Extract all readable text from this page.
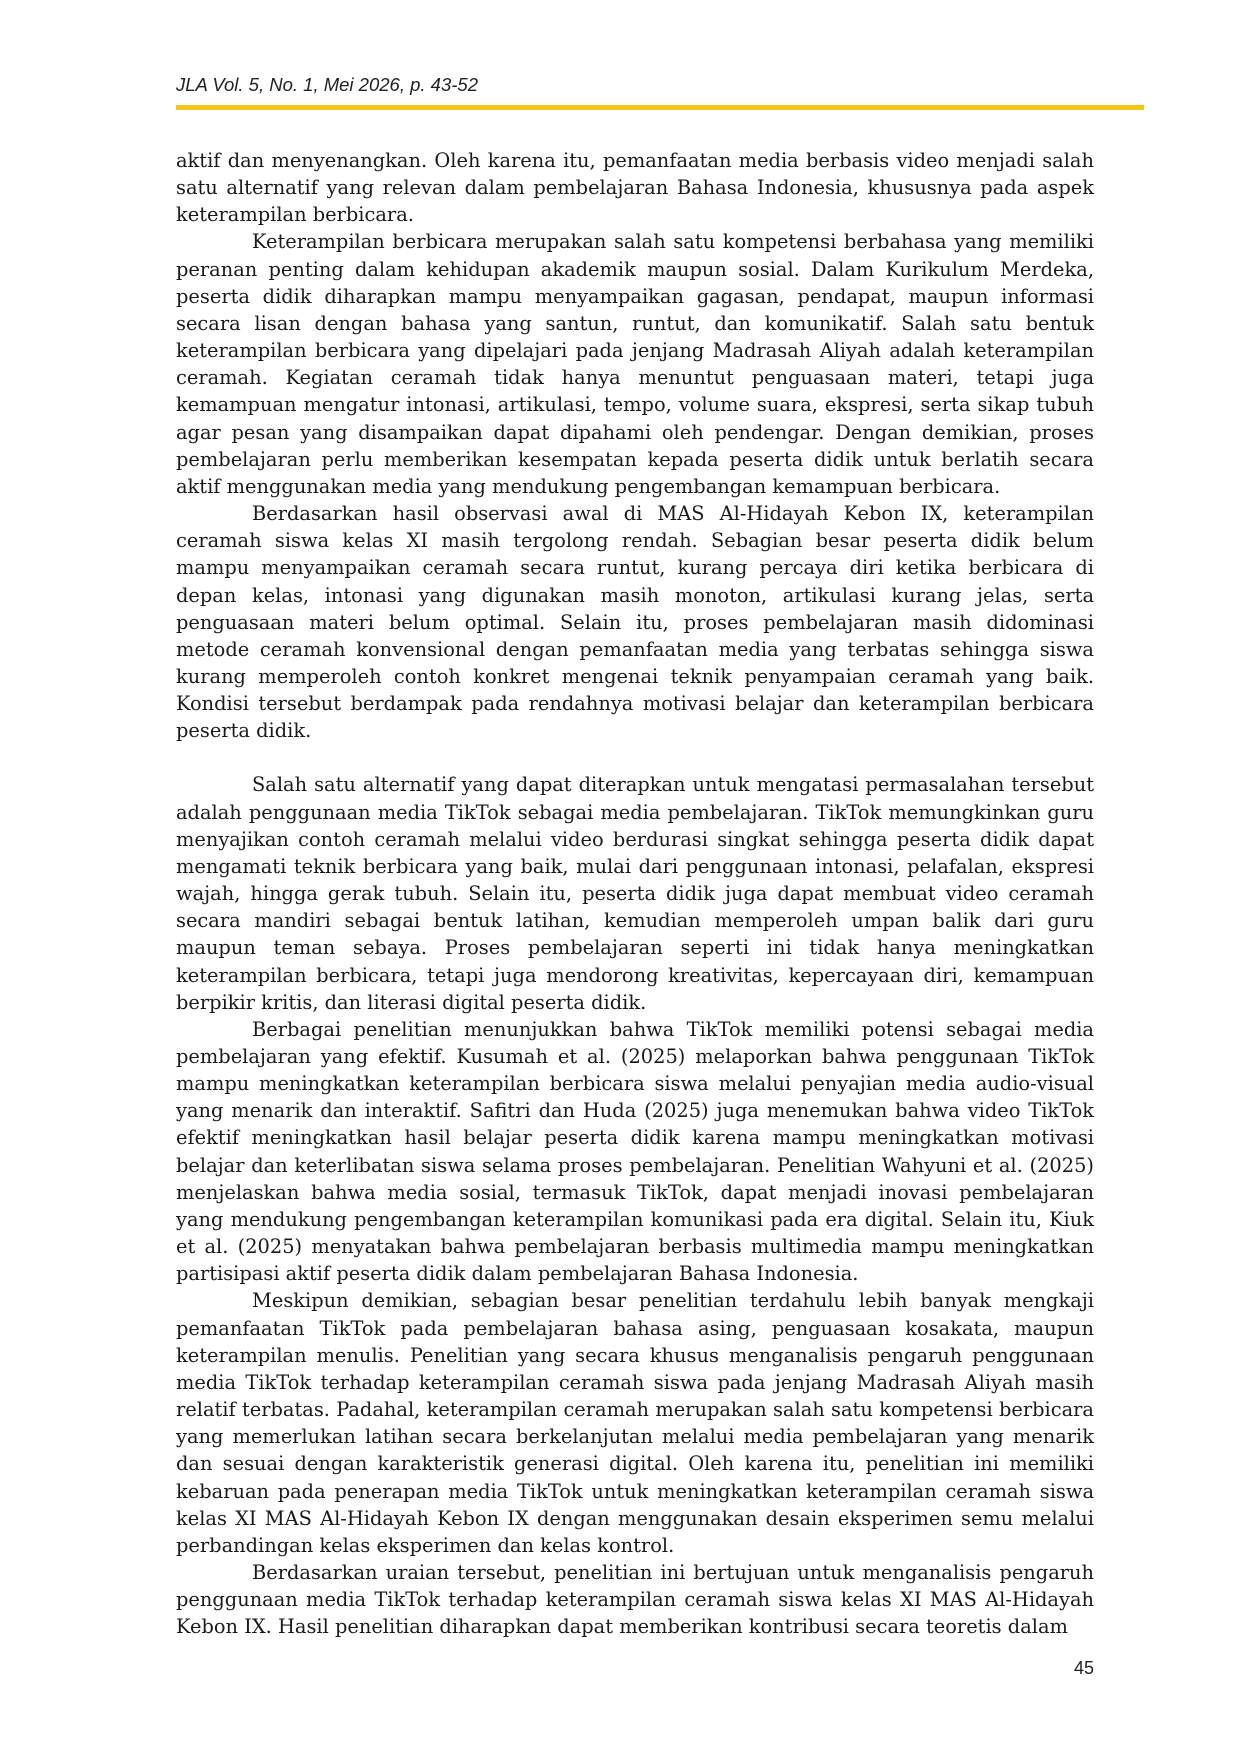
JLA Vol. 5, No. 1, Mei 2026, p. 43-52

aktif dan menyenangkan. Oleh karena itu, pemanfaatan media berbasis video menjadi salah satu alternatif yang relevan dalam pembelajaran Bahasa Indonesia, khususnya pada aspek keterampilan berbicara.

Keterampilan berbicara merupakan salah satu kompetensi berbahasa yang memiliki peranan penting dalam kehidupan akademik maupun sosial. Dalam Kurikulum Merdeka, peserta didik diharapkan mampu menyampaikan gagasan, pendapat, maupun informasi secara lisan dengan bahasa yang santun, runtut, dan komunikatif. Salah satu bentuk keterampilan berbicara yang dipelajari pada jenjang Madrasah Aliyah adalah keterampilan ceramah. Kegiatan ceramah tidak hanya menuntut penguasaan materi, tetapi juga kemampuan mengatur intonasi, artikulasi, tempo, volume suara, ekspresi, serta sikap tubuh agar pesan yang disampaikan dapat dipahami oleh pendengar. Dengan demikian, proses pembelajaran perlu memberikan kesempatan kepada peserta didik untuk berlatih secara aktif menggunakan media yang mendukung pengembangan kemampuan berbicara.

Berdasarkan hasil observasi awal di MAS Al-Hidayah Kebon IX, keterampilan ceramah siswa kelas XI masih tergolong rendah. Sebagian besar peserta didik belum mampu menyampaikan ceramah secara runtut, kurang percaya diri ketika berbicara di depan kelas, intonasi yang digunakan masih monoton, artikulasi kurang jelas, serta penguasaan materi belum optimal. Selain itu, proses pembelajaran masih didominasi metode ceramah konvensional dengan pemanfaatan media yang terbatas sehingga siswa kurang memperoleh contoh konkret mengenai teknik penyampaian ceramah yang baik. Kondisi tersebut berdampak pada rendahnya motivasi belajar dan keterampilan berbicara peserta didik.

Salah satu alternatif yang dapat diterapkan untuk mengatasi permasalahan tersebut adalah penggunaan media TikTok sebagai media pembelajaran. TikTok memungkinkan guru menyajikan contoh ceramah melalui video berdurasi singkat sehingga peserta didik dapat mengamati teknik berbicara yang baik, mulai dari penggunaan intonasi, pelafalan, ekspresi wajah, hingga gerak tubuh. Selain itu, peserta didik juga dapat membuat video ceramah secara mandiri sebagai bentuk latihan, kemudian memperoleh umpan balik dari guru maupun teman sebaya. Proses pembelajaran seperti ini tidak hanya meningkatkan keterampilan berbicara, tetapi juga mendorong kreativitas, kepercayaan diri, kemampuan berpikir kritis, dan literasi digital peserta didik.

Berbagai penelitian menunjukkan bahwa TikTok memiliki potensi sebagai media pembelajaran yang efektif. Kusumah et al. (2025) melaporkan bahwa penggunaan TikTok mampu meningkatkan keterampilan berbicara siswa melalui penyajian media audio-visual yang menarik dan interaktif. Safitri dan Huda (2025) juga menemukan bahwa video TikTok efektif meningkatkan hasil belajar peserta didik karena mampu meningkatkan motivasi belajar dan keterlibatan siswa selama proses pembelajaran. Penelitian Wahyuni et al. (2025) menjelaskan bahwa media sosial, termasuk TikTok, dapat menjadi inovasi pembelajaran yang mendukung pengembangan keterampilan komunikasi pada era digital. Selain itu, Kiuk et al. (2025) menyatakan bahwa pembelajaran berbasis multimedia mampu meningkatkan partisipasi aktif peserta didik dalam pembelajaran Bahasa Indonesia.

Meskipun demikian, sebagian besar penelitian terdahulu lebih banyak mengkaji pemanfaatan TikTok pada pembelajaran bahasa asing, penguasaan kosakata, maupun keterampilan menulis. Penelitian yang secara khusus menganalisis pengaruh penggunaan media TikTok terhadap keterampilan ceramah siswa pada jenjang Madrasah Aliyah masih relatif terbatas. Padahal, keterampilan ceramah merupakan salah satu kompetensi berbicara yang memerlukan latihan secara berkelanjutan melalui media pembelajaran yang menarik dan sesuai dengan karakteristik generasi digital. Oleh karena itu, penelitian ini memiliki kebaruan pada penerapan media TikTok untuk meningkatkan keterampilan ceramah siswa kelas XI MAS Al-Hidayah Kebon IX dengan menggunakan desain eksperimen semu melalui perbandingan kelas eksperimen dan kelas kontrol.

Berdasarkan uraian tersebut, penelitian ini bertujuan untuk menganalisis pengaruh penggunaan media TikTok terhadap keterampilan ceramah siswa kelas XI MAS Al-Hidayah Kebon IX. Hasil penelitian diharapkan dapat memberikan kontribusi secara teoretis dalam

45
